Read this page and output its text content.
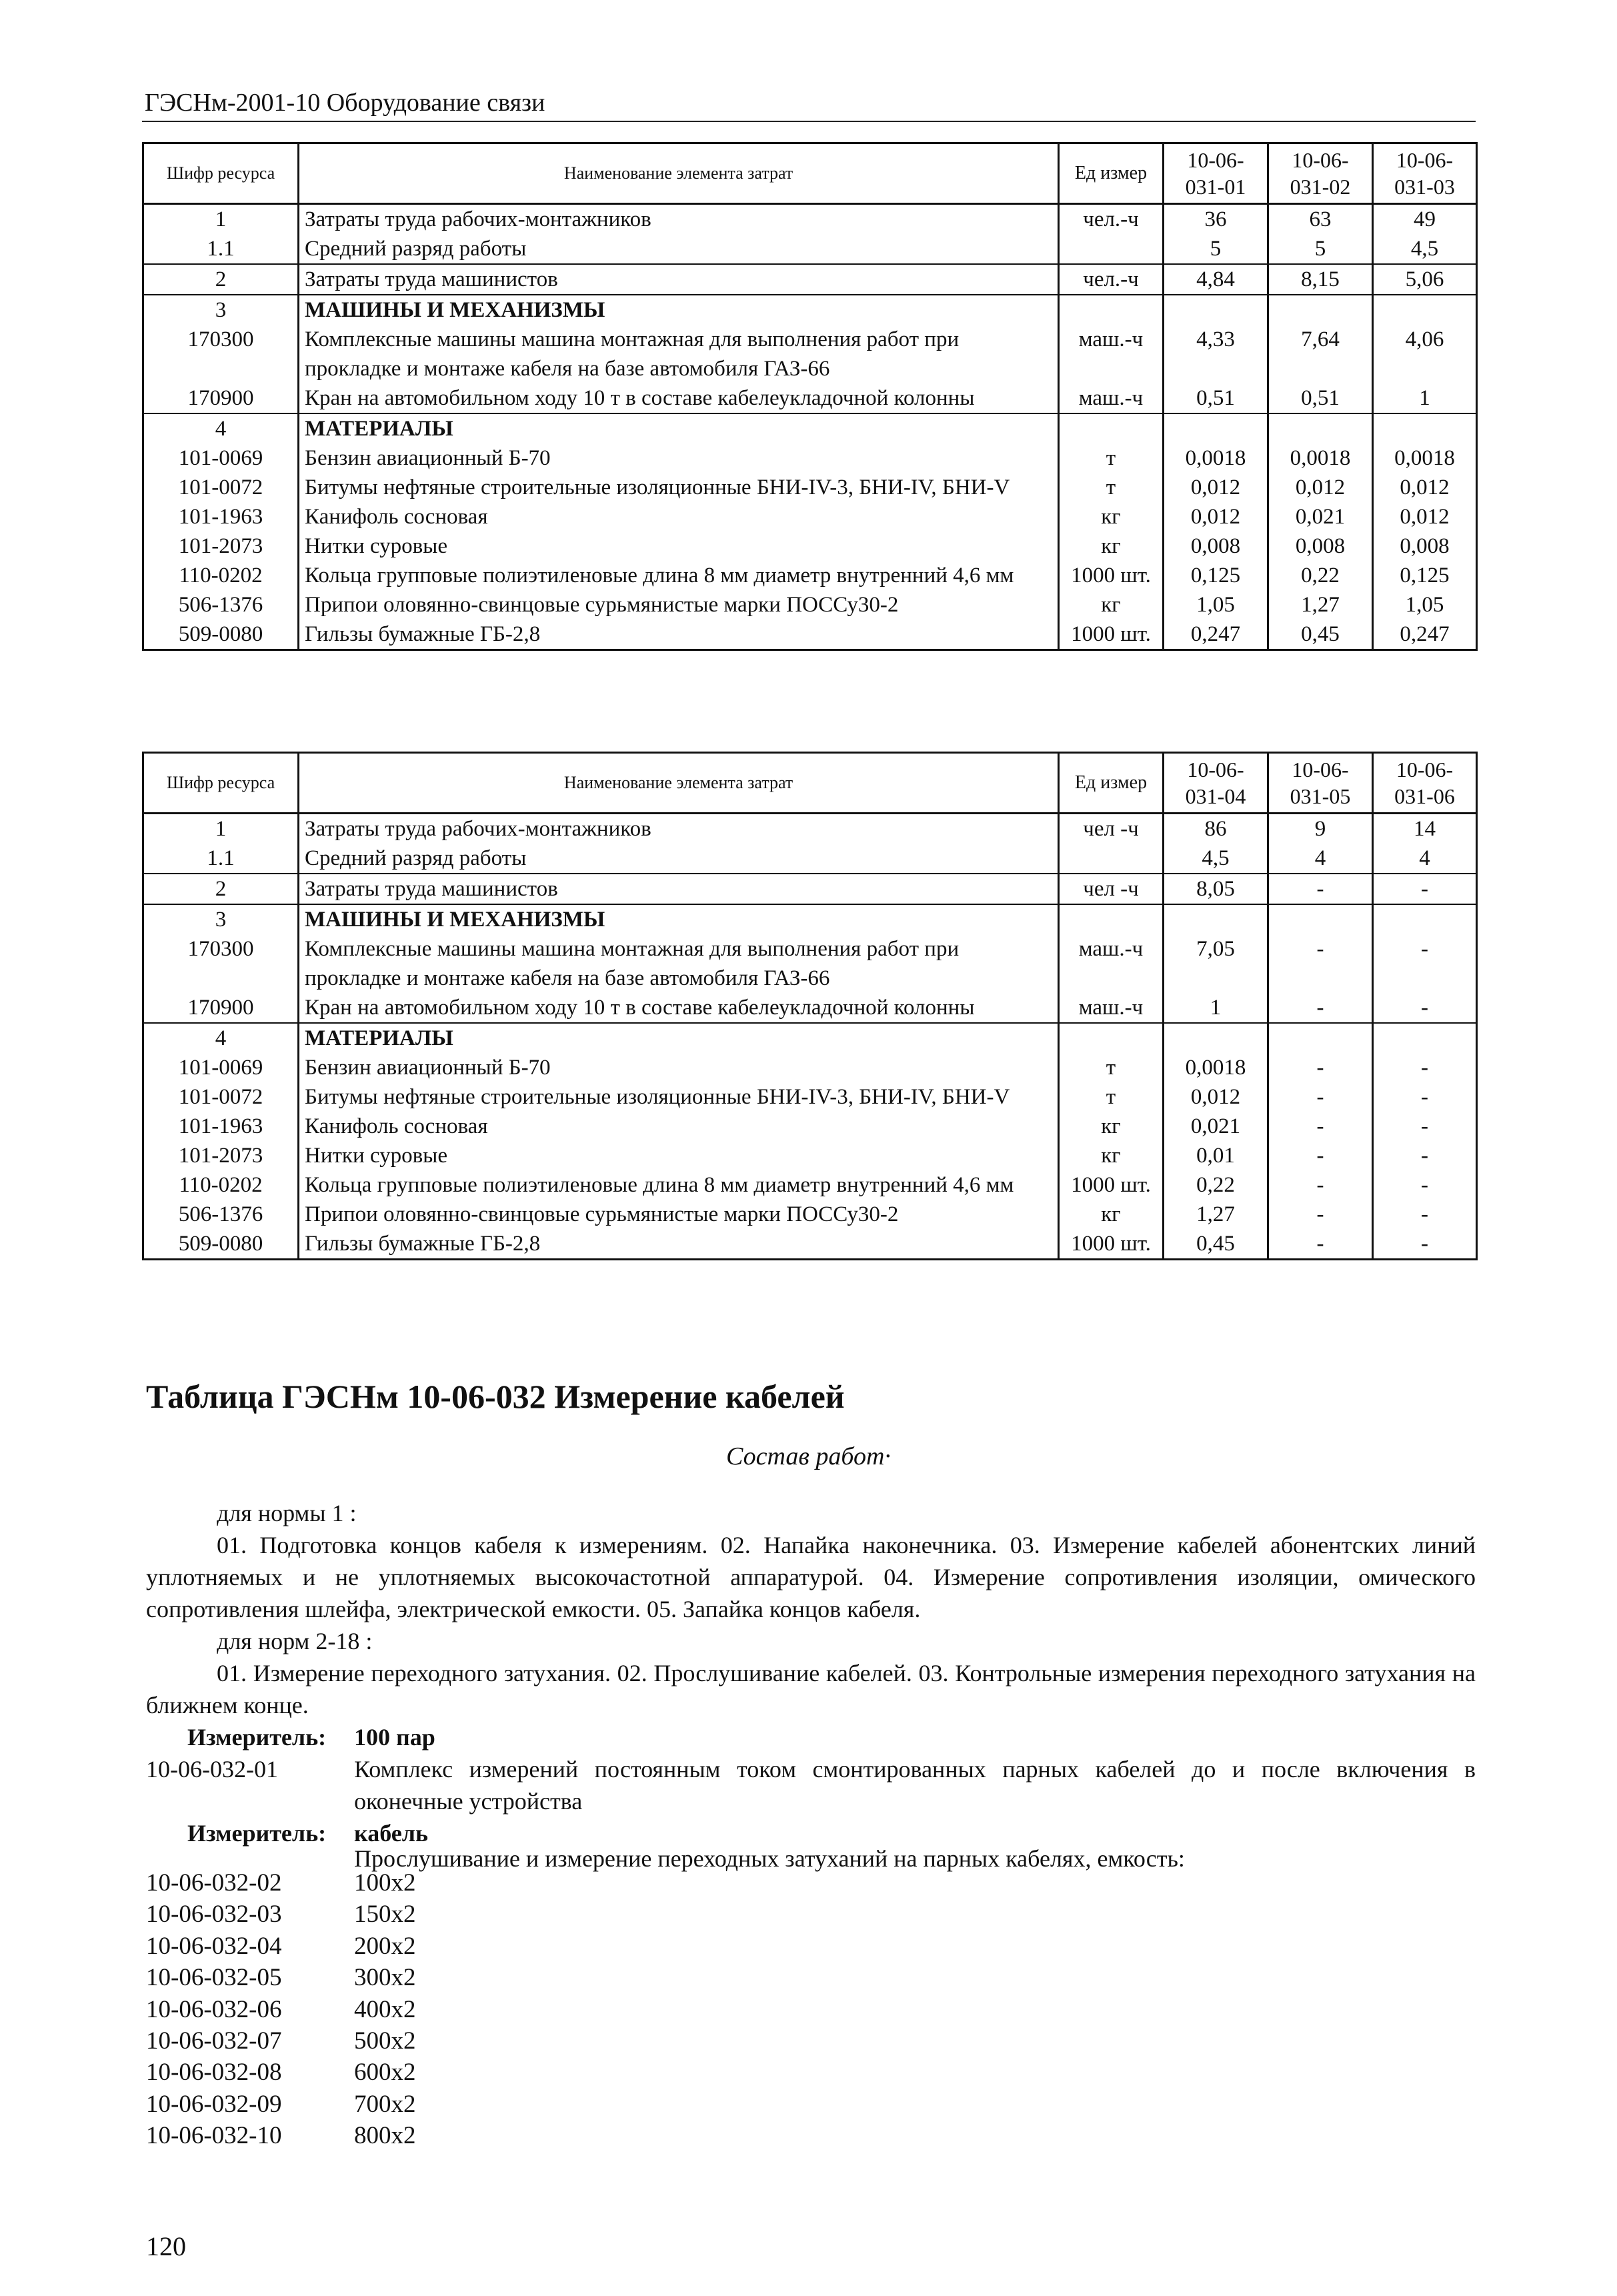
ГЭСНм-2001-10 Оборудование связи
Шифр ресурса	Наименование элемента затрат	Ед измер	10-06-031-01	10-06-031-02	10-06-031-03
1	Затраты труда рабочих-монтажников	чел.-ч	36	63	49
1.1	Средний разряд работы		5	5	4,5
2	Затраты труда машинистов	чел.-ч	4,84	8,15	5,06
3	МАШИНЫ И МЕХАНИЗМЫ				
170300	Комплексные машины машина монтажная для выполнения работ при прокладке и монтаже кабеля на базе автомобиля ГАЗ-66	маш.-ч	4,33	7,64	4,06
170900	Кран на автомобильном ходу 10 т в составе кабелеукладочной колонны	маш.-ч	0,51	0,51	1
4	МАТЕРИАЛЫ				
101-0069	Бензин авиационный Б-70	т	0,0018	0,0018	0,0018
101-0072	Битумы нефтяные строительные изоляционные БНИ-IV-3, БНИ-IV, БНИ-V	т	0,012	0,012	0,012
101-1963	Канифоль сосновая	кг	0,012	0,021	0,012
101-2073	Нитки суровые	кг	0,008	0,008	0,008
110-0202	Кольца групповые полиэтиленовые длина 8 мм диаметр внутренний 4,6 мм	1000 шт.	0,125	0,22	0,125
506-1376	Припои оловянно-свинцовые сурьмянистые марки ПОССу30-2	кг	1,05	1,27	1,05
509-0080	Гильзы бумажные ГБ-2,8	1000 шт.	0,247	0,45	0,247
Шифр ресурса	Наименование элемента затрат	Ед измер	10-06-031-04	10-06-031-05	10-06-031-06
1	Затраты труда рабочих-монтажников	чел -ч	86	9	14
1.1	Средний разряд работы		4,5	4	4
2	Затраты труда машинистов	чел -ч	8,05	-	-
3	МАШИНЫ И МЕХАНИЗМЫ				
170300	Комплексные машины машина монтажная для выполнения работ при прокладке и монтаже кабеля на базе автомобиля ГАЗ-66	маш.-ч	7,05	-	-
170900	Кран на автомобильном ходу 10 т в составе кабелеукладочной колонны	маш.-ч	1	-	-
4	МАТЕРИАЛЫ				
101-0069	Бензин авиационный Б-70	т	0,0018	-	-
101-0072	Битумы нефтяные строительные изоляционные БНИ-IV-3, БНИ-IV, БНИ-V	т	0,012	-	-
101-1963	Канифоль сосновая	кг	0,021	-	-
101-2073	Нитки суровые	кг	0,01	-	-
110-0202	Кольца групповые полиэтиленовые длина 8 мм диаметр внутренний 4,6 мм	1000 шт.	0,22	-	-
506-1376	Припои оловянно-свинцовые сурьмянистые марки ПОССу30-2	кг	1,27	-	-
509-0080	Гильзы бумажные ГБ-2,8	1000 шт.	0,45	-	-
Таблица ГЭСНм 10-06-032 Измерение кабелей
Состав работ·
для нормы 1 :
01. Подготовка концов кабеля к измерениям. 02. Напайка наконечника. 03. Измерение кабелей абонентских линий уплотняемых и не уплотняемых высокочастотной аппаратурой. 04. Измерение сопротивления изоляции, омического сопротивления шлейфа, электрической емкости. 05. Запайка концов кабеля.
для норм 2-18 :
01. Измерение переходного затухания. 02. Прослушивание кабелей. 03. Контрольные измерения переходного затухания на ближнем конце.
Измеритель: 100 пар
10-06-032-01	Комплекс измерений постоянным током смонтированных парных кабелей до и после включения в оконечные устройства
Измеритель: кабель
Прослушивание и измерение переходных затуханий на парных кабелях, емкость:
10-06-032-02	100x2
10-06-032-03	150x2
10-06-032-04	200x2
10-06-032-05	300x2
10-06-032-06	400x2
10-06-032-07	500x2
10-06-032-08	600x2
10-06-032-09	700x2
10-06-032-10	800x2
120
